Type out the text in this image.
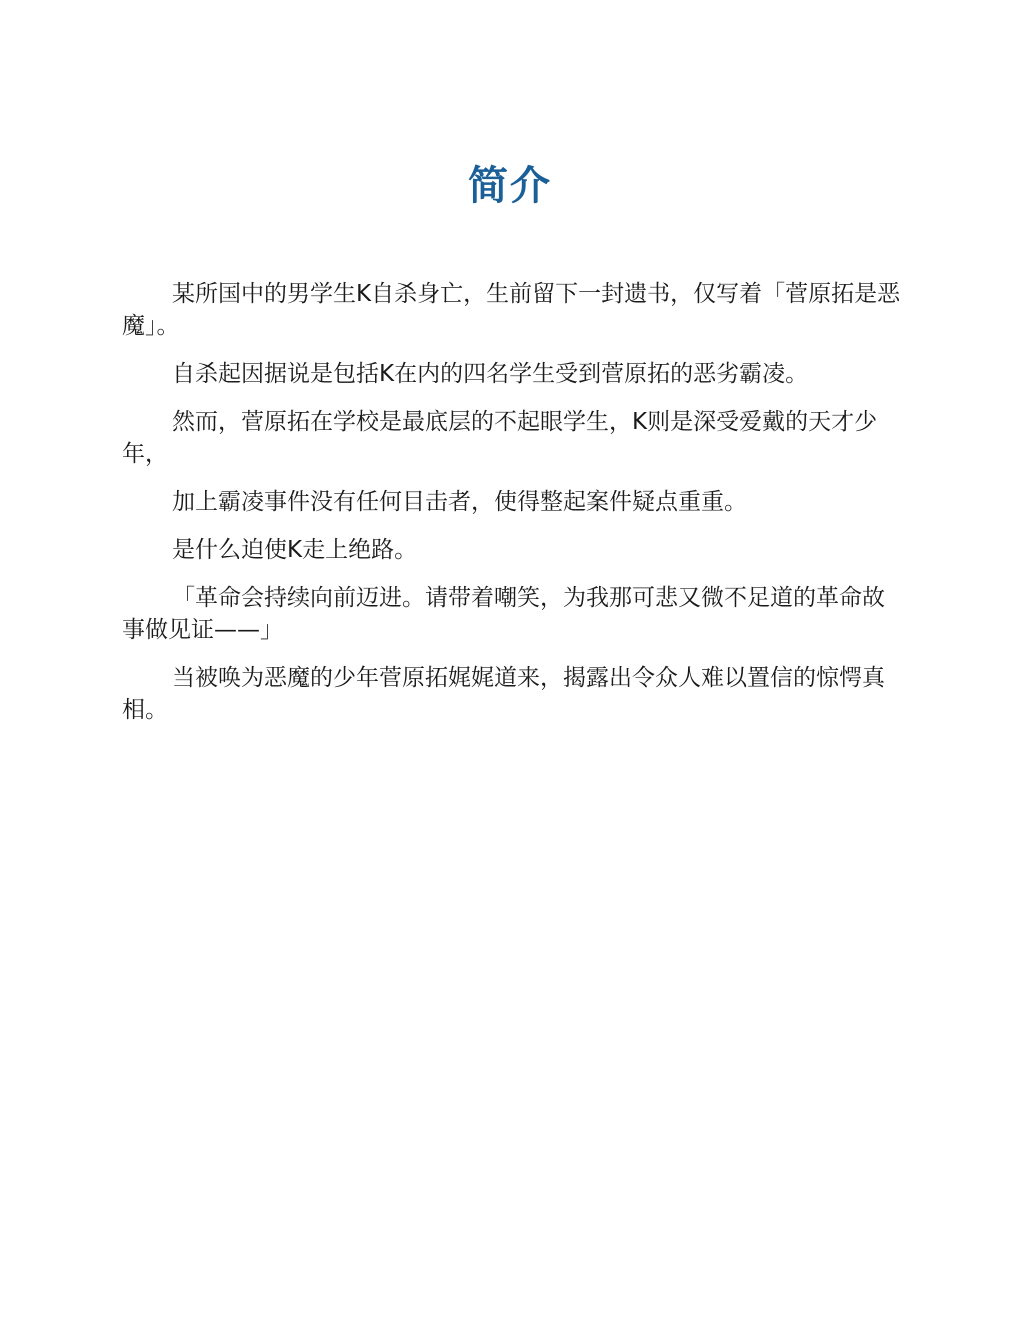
简介

某所国中的男学生K自杀身亡，生前留下一封遗书，仅写着「菅原拓是恶魔」。

自杀起因据说是包括K在内的四名学生受到菅原拓的恶劣霸凌。

然而，菅原拓在学校是最底层的不起眼学生，K则是深受爱戴的天才少年，

加上霸凌事件没有任何目击者，使得整起案件疑点重重。

是什么迫使K走上绝路。

「革命会持续向前迈进。请带着嘲笑，为我那可悲又微不足道的革命故事做见证——」

当被唤为恶魔的少年菅原拓娓娓道来，揭露出令众人难以置信的惊愕真相。
